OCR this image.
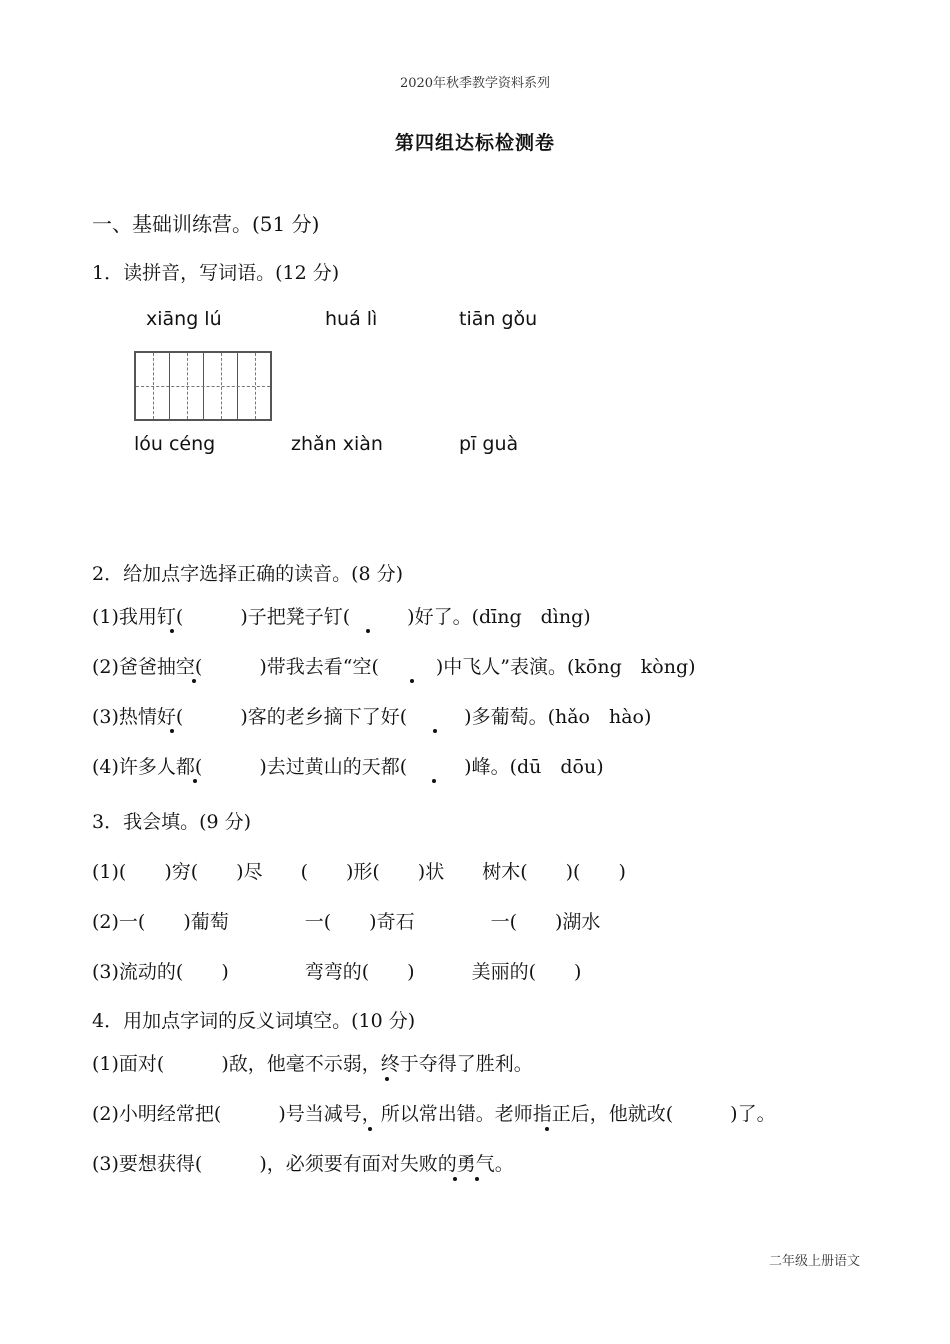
2020年秋季教学资料系列
第四组达标检测卷
一、基础训练营。(51 分)
1．读拼音，写词语。(12 分)
xiāng lú	huá lì	tiān gǒu
lóu céng	zhǎn xiàn	pī guà
2．给加点字选择正确的读音。(8 分)
(1)我用钉(　　　)子把凳子钉(　　　)好了。(dīng　dìng)
(2)爸爸抽空(　　　)带我去看“空(　　　)中飞人”表演。(kōng　kòng)
(3)热情好(　　　)客的老乡摘下了好(　　　)多葡萄。(hǎo　hào)
(4)许多人都(　　　)去过黄山的天都(　　　)峰。(dū　dōu)
3．我会填。(9 分)
(1)(　　)穷(　　)尽　　(　　)形(　　)状　　树木(　　)(　　)
(2)一(　　)葡萄　　　　一(　　)奇石　　　　一(　　)湖水
(3)流动的(　　)　　　　弯弯的(　　)　　　美丽的(　　)
4．用加点字词的反义词填空。(10 分)
(1)面对(　　　)敌，他毫不示弱，终于夺得了胜利。
(2)小明经常把(　　　)号当减号，所以常出错。老师指正后，他就改(　　　)了。
(3)要想获得(　　　)，必须要有面对失败的勇气。
二年级上册语文
